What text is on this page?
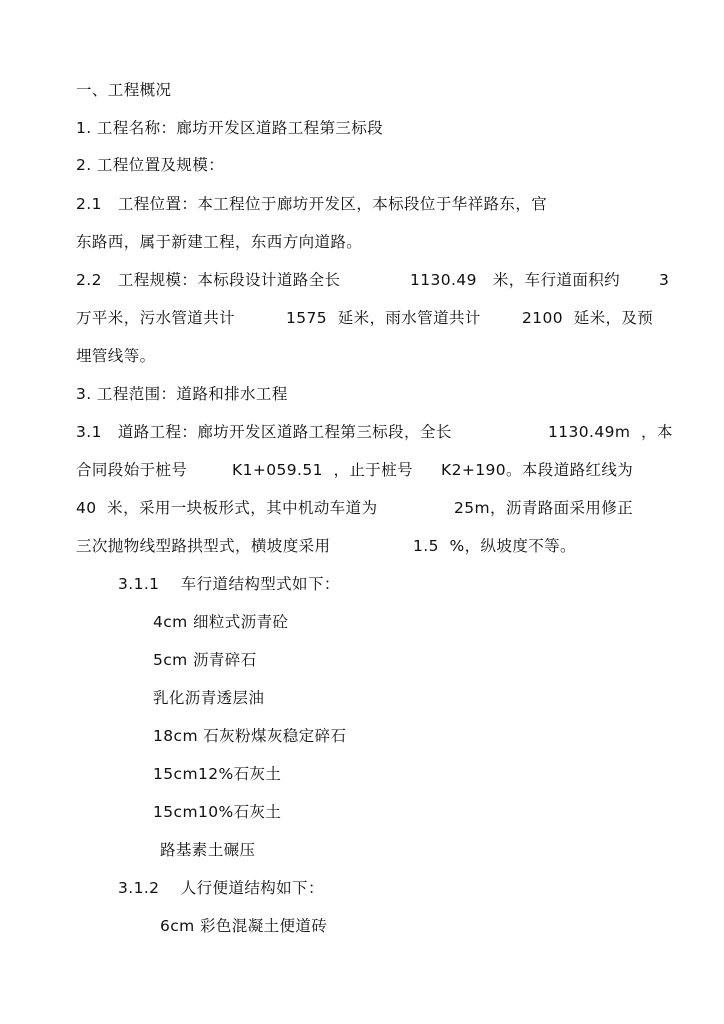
一、工程概况
1. 工程名称：廊坊开发区道路工程第三标段
2. 工程位置及规模：
2.1   工程位置：本工程位于廊坊开发区，本标段位于华祥路东，官
东路西，属于新建工程，东西方向道路。
2.2   工程规模：本标段设计道路全长	1130.49   米，车行道面积约	3
万平米，污水管道共计	1575  延米，雨水管道共计	2100  延米，及预
埋管线等。
3. 工程范围：道路和排水工程
3.1   道路工程：廊坊开发区道路工程第三标段，全长	1130.49m  ，本
合同段始于桩号	K1+059.51  ，止于桩号 K2+190。本段道路红线为
40  米，采用一块板形式，其中机动车道为	25m，沥青路面采用修正
三次抛物线型路拱型式，横坡度采用	1.5  %，纵坡度不等。
3.1.1    车行道结构型式如下：
4cm 细粒式沥青砼
5cm 沥青碎石
乳化沥青透层油
18cm 石灰粉煤灰稳定碎石
15cm12%石灰土
15cm10%石灰土
路基素土碾压
3.1.2    人行便道结构如下：
6cm 彩色混凝土便道砖
